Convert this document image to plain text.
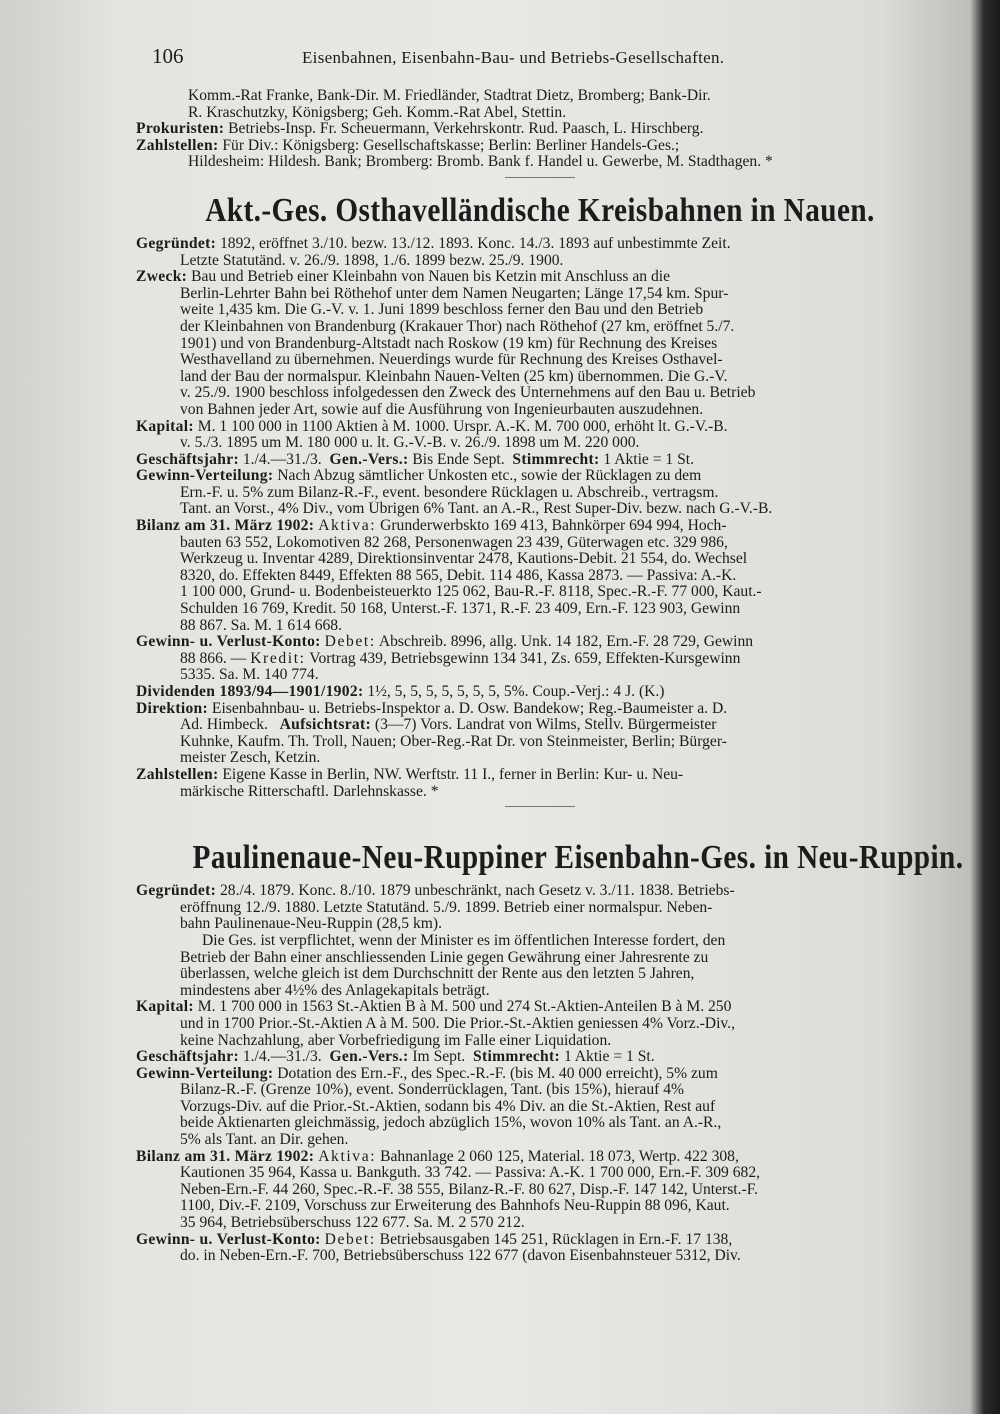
106	Eisenbahnen, Eisenbahn-Bau- und Betriebs-Gesellschaften.
Komm.-Rat Franke, Bank-Dir. M. Friedländer, Stadtrat Dietz, Bromberg; Bank-Dir.
R. Kraschutzky, Königsberg; Geh. Komm.-Rat Abel, Stettin.
Prokuristen: Betriebs-Insp. Fr. Scheuermann, Verkehrskontr. Rud. Paasch, L. Hirschberg.
Zahlstellen: Für Div.: Königsberg: Gesellschaftskasse; Berlin: Berliner Handels-Ges.;
Hildesheim: Hildesh. Bank; Bromberg: Bromb. Bank f. Handel u. Gewerbe, M. Stadthagen. *
Akt.-Ges. Osthavelländische Kreisbahnen in Nauen.
Gegründet: 1892, eröffnet 3./10. bezw. 13./12. 1893. Konc. 14./3. 1893 auf unbestimmte Zeit.
Letzte Statutänd. v. 26./9. 1898, 1./6. 1899 bezw. 25./9. 1900.
Zweck: Bau und Betrieb einer Kleinbahn von Nauen bis Ketzin mit Anschluss an die
Berlin-Lehrter Bahn bei Röthehof unter dem Namen Neugarten; Länge 17,54 km. Spur-
weite 1,435 km. Die G.-V. v. 1. Juni 1899 beschloss ferner den Bau und den Betrieb
der Kleinbahnen von Brandenburg (Krakauer Thor) nach Röthehof (27 km, eröffnet 5./7.
1901) und von Brandenburg-Altstadt nach Roskow (19 km) für Rechnung des Kreises
Westhavelland zu übernehmen. Neuerdings wurde für Rechnung des Kreises Osthavel-
land der Bau der normalspur. Kleinbahn Nauen-Velten (25 km) übernommen. Die G.-V.
v. 25./9. 1900 beschloss infolgedessen den Zweck des Unternehmens auf den Bau u. Betrieb
von Bahnen jeder Art, sowie auf die Ausführung von Ingenieurbauten auszudehnen.
Kapital: M. 1 100 000 in 1100 Aktien à M. 1000. Urspr. A.-K. M. 700 000, erhöht lt. G.-V.-B.
v. 5./3. 1895 um M. 180 000 u. lt. G.-V.-B. v. 26./9. 1898 um M. 220 000.
Geschäftsjahr: 1./4.—31./3. Gen.-Vers.: Bis Ende Sept. Stimmrecht: 1 Aktie = 1 St.
Gewinn-Verteilung: Nach Abzug sämtlicher Unkosten etc., sowie der Rücklagen zu dem
Ern.-F. u. 5% zum Bilanz-R.-F., event. besondere Rücklagen u. Abschreib., vertragsm.
Tant. an Vorst., 4% Div., vom Übrigen 6% Tant. an A.-R., Rest Super-Div. bezw. nach G.-V.-B.
Bilanz am 31. März 1902: Aktiva: Grunderwerbskto 169 413, Bahnkörper 694 994, Hoch-
bauten 63 552, Lokomotiven 82 268, Personenwagen 23 439, Güterwagen etc. 329 986,
Werkzeug u. Inventar 4289, Direktionsinventar 2478, Kautions-Debit. 21 554, do. Wechsel
8320, do. Effekten 8449, Effekten 88 565, Debit. 114 486, Kassa 2873. — Passiva: A.-K.
1 100 000, Grund- u. Bodenbeisteuerkto 125 062, Bau-R.-F. 8118, Spec.-R.-F. 77 000, Kaut.-
Schulden 16 769, Kredit. 50 168, Unterst.-F. 1371, R.-F. 23 409, Ern.-F. 123 903, Gewinn
88 867. Sa. M. 1 614 668.
Gewinn- u. Verlust-Konto: Debet: Abschreib. 8996, allg. Unk. 14 182, Ern.-F. 28 729, Gewinn
88 866. — Kredit: Vortrag 439, Betriebsgewinn 134 341, Zs. 659, Effekten-Kursgewinn
5335. Sa. M. 140 774.
Dividenden 1893/94—1901/1902: 1½, 5, 5, 5, 5, 5, 5, 5, 5%. Coup.-Verj.: 4 J. (K.)
Direktion: Eisenbahnbau- u. Betriebs-Inspektor a. D. Osw. Bandekow; Reg.-Baumeister a. D.
Ad. Himbeck. Aufsichtsrat: (3—7) Vors. Landrat von Wilms, Stellv. Bürgermeister
Kuhnke, Kaufm. Th. Troll, Nauen; Ober-Reg.-Rat Dr. von Steinmeister, Berlin; Bürger-
meister Zesch, Ketzin.
Zahlstellen: Eigene Kasse in Berlin, NW. Werftstr. 11 I., ferner in Berlin: Kur- u. Neu-
märkische Ritterschaftl. Darlehnskasse. *
Paulinenaue-Neu-Ruppiner Eisenbahn-Ges. in Neu-Ruppin.
Gegründet: 28./4. 1879. Konc. 8./10. 1879 unbeschränkt, nach Gesetz v. 3./11. 1838. Betriebs-
eröffnung 12./9. 1880. Letzte Statutänd. 5./9. 1899. Betrieb einer normalspur. Neben-
bahn Paulinenaue-Neu-Ruppin (28,5 km).
Die Ges. ist verpflichtet, wenn der Minister es im öffentlichen Interesse fordert, den
Betrieb der Bahn einer anschliessenden Linie gegen Gewährung einer Jahresrente zu
überlassen, welche gleich ist dem Durchschnitt der Rente aus den letzten 5 Jahren,
mindestens aber 4½% des Anlagekapitals beträgt.
Kapital: M. 1 700 000 in 1563 St.-Aktien B à M. 500 und 274 St.-Aktien-Anteilen B à M. 250
und in 1700 Prior.-St.-Aktien A à M. 500. Die Prior.-St.-Aktien geniessen 4% Vorz.-Div.,
keine Nachzahlung, aber Vorbefriedigung im Falle einer Liquidation.
Geschäftsjahr: 1./4.—31./3. Gen.-Vers.: Im Sept. Stimmrecht: 1 Aktie = 1 St.
Gewinn-Verteilung: Dotation des Ern.-F., des Spec.-R.-F. (bis M. 40 000 erreicht), 5% zum
Bilanz-R.-F. (Grenze 10%), event. Sonderrücklagen, Tant. (bis 15%), hierauf 4%
Vorzugs-Div. auf die Prior.-St.-Aktien, sodann bis 4% Div. an die St.-Aktien, Rest auf
beide Aktienarten gleichmässig, jedoch abzüglich 15%, wovon 10% als Tant. an A.-R.,
5% als Tant. an Dir. gehen.
Bilanz am 31. März 1902: Aktiva: Bahnanlage 2 060 125, Material. 18 073, Wertp. 422 308,
Kautionen 35 964, Kassa u. Bankguth. 33 742. — Passiva: A.-K. 1 700 000, Ern.-F. 309 682,
Neben-Ern.-F. 44 260, Spec.-R.-F. 38 555, Bilanz-R.-F. 80 627, Disp.-F. 147 142, Unterst.-F.
1100, Div.-F. 2109, Vorschuss zur Erweiterung des Bahnhofs Neu-Ruppin 88 096, Kaut.
35 964, Betriebsüberschuss 122 677. Sa. M. 2 570 212.
Gewinn- u. Verlust-Konto: Debet: Betriebsausgaben 145 251, Rücklagen in Ern.-F. 17 138,
do. in Neben-Ern.-F. 700, Betriebsüberschuss 122 677 (davon Eisenbahnsteuer 5312, Div.
